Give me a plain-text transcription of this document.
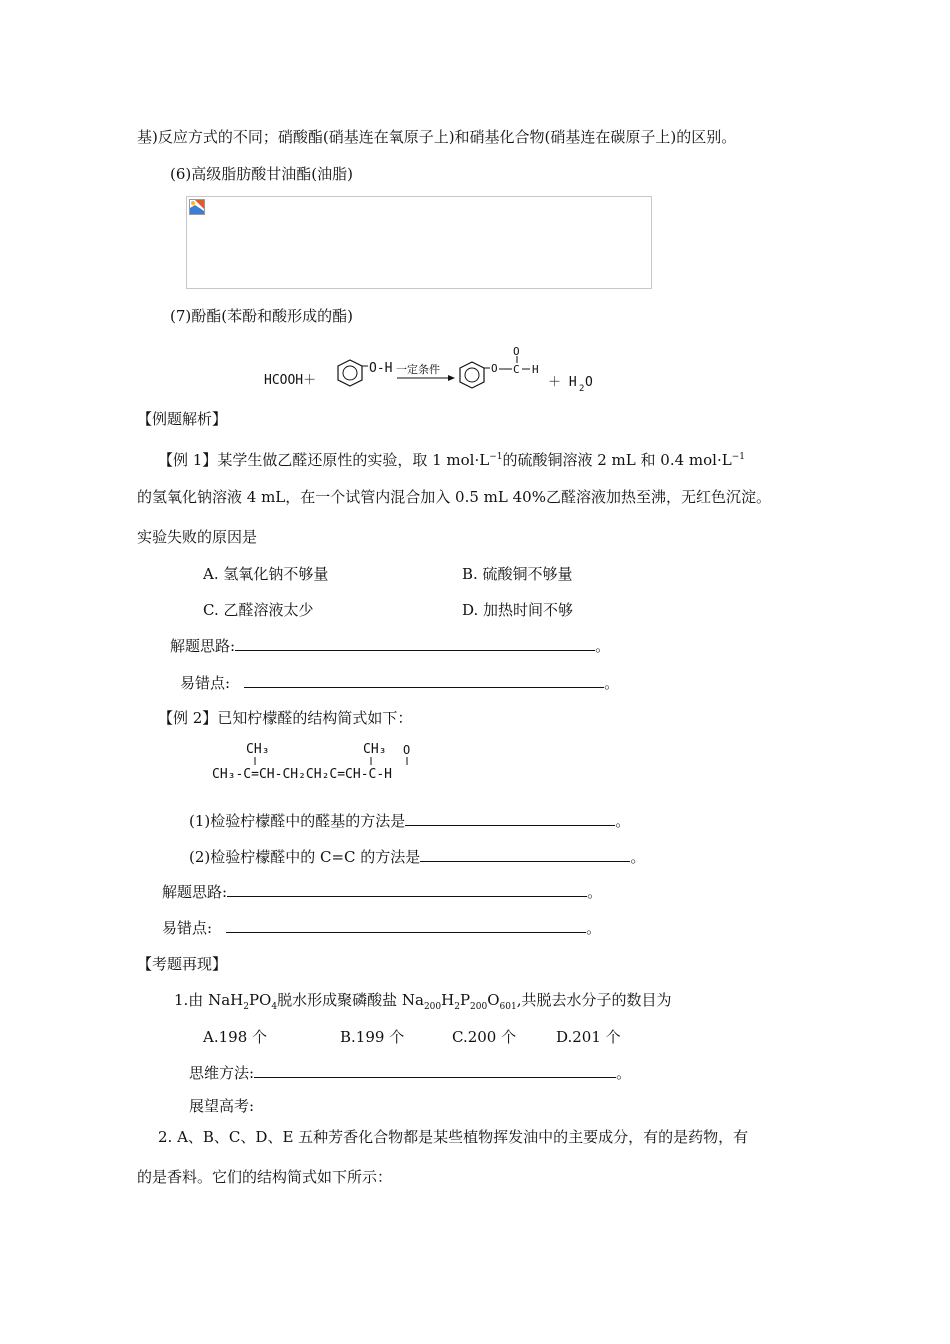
基)反应方式的不同；硝酸酯(硝基连在氧原子上)和硝基化合物(硝基连在碳原子上)的区别。
(6)高级脂肪酸甘油酯(油脂)
(7)酚酯(苯酚和酸形成的酯)
HCOOH＋
O-H 一定条件	O C
O
H
＋ H 2 O
【例题解析】
【例 1】某学生做乙醛还原性的实验，取 1 $mol\cdot L^{-1}$的硫酸铜溶液 2 mL 和 0.4 $mol\cdot L^{-1}$
的氢氧化钠溶液 4 mL，在一个试管内混合加入 0.5 mL 40%乙醛溶液加热至沸，无红色沉淀。
实验失败的原因是
A. 氢氧化钠不够量	B. 硫酸铜不够量
C. 乙醛溶液太少	D. 加热时间不够
解题思路:	。
易错点:	。
【例 2】已知柠檬醛的结构简式如下：
CH₃	CH₃ O
CH₃-C=CH-CH₂CH₂C=CH-C-H
(1)检验柠檬醛中的醛基的方法是	。
(2)检验柠檬醛中的 C=C 的方法是	。
解题思路:	。
易错点:	。
【考题再现】
1.由 $NaH_2PO_4$脱水形成聚磷酸盐 $Na_{200}H_2P_{200}O_{601}$,共脱去水分子的数目为
A.198 个	B.199 个	C.200 个	D.201 个
思维方法:	。
展望高考:
2. A、B、C、D、E 五种芳香化合物都是某些植物挥发油中的主要成分，有的是药物，有
的是香料。它们的结构简式如下所示：
